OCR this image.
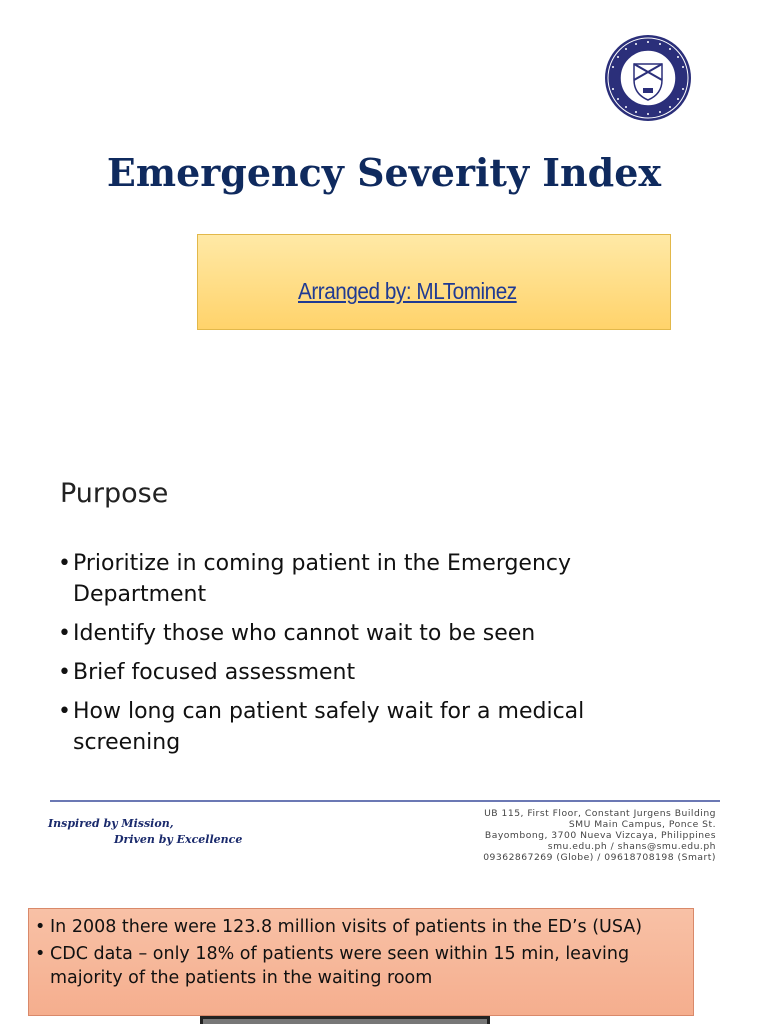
Emergency Severity Index
Arranged by: MLTominez
Purpose
• Prioritize in coming patient in the Emergency Department
• Identify those who cannot wait to be seen
• Brief focused assessment
• How long can patient safely wait for a medical screening
Inspired by Mission,
Driven by Excellence
UB 115, First Floor, Constant Jurgens Building
SMU Main Campus, Ponce St.
Bayombong, 3700 Nueva Vizcaya, Philippines
smu.edu.ph / shans@smu.edu.ph
09362867269 (Globe) / 09618708198 (Smart)
• In 2008 there were 123.8 million visits of patients in the ED’s (USA)
• CDC data – only 18% of patients were seen within 15 min, leaving majority of the patients in the waiting room
